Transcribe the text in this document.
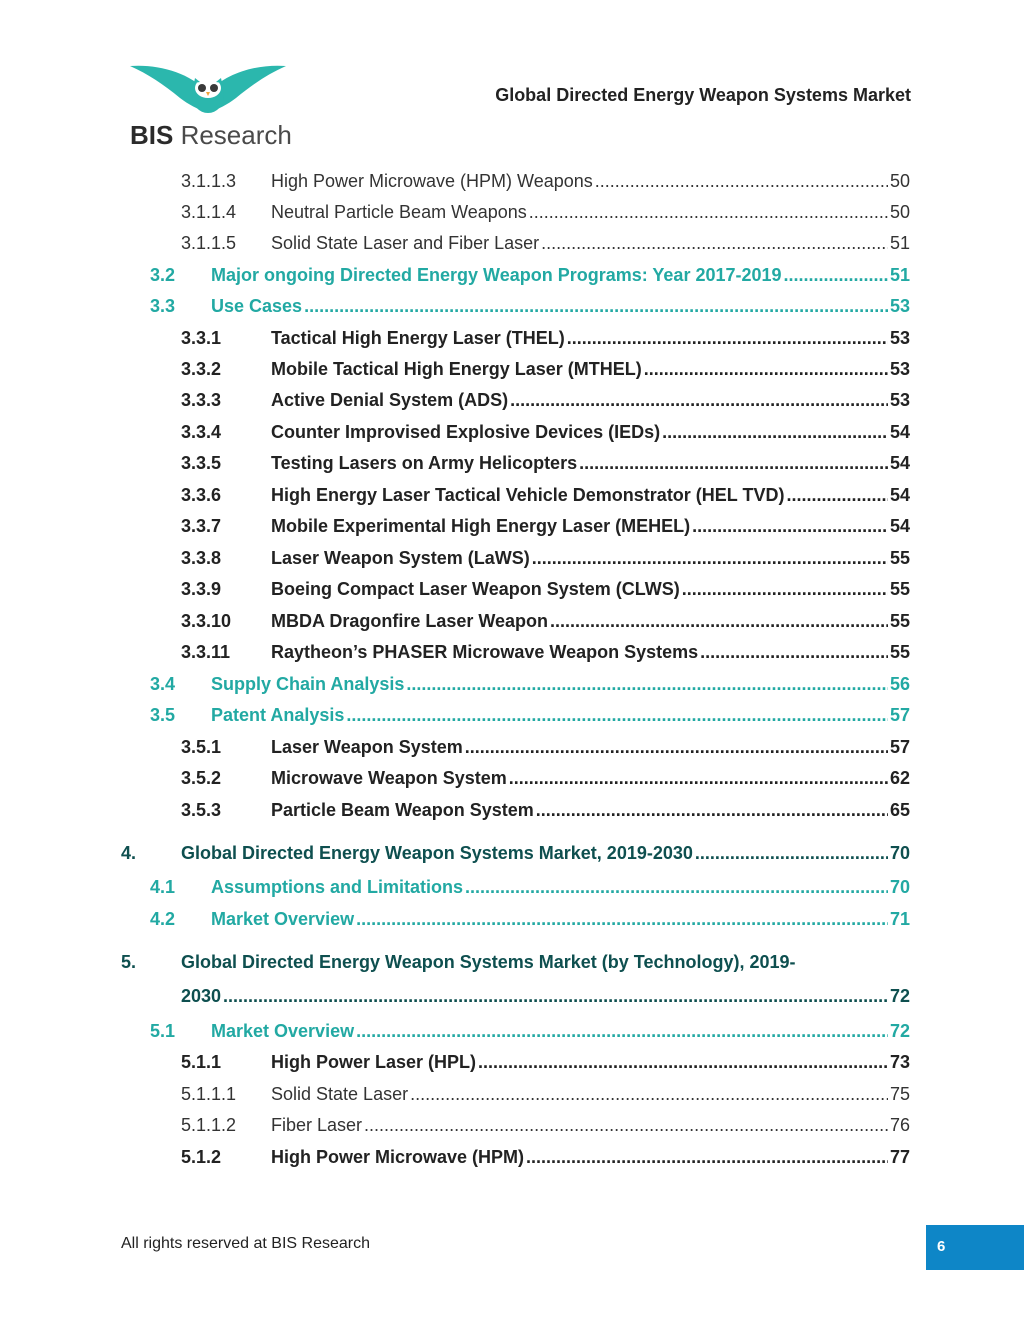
BIS Research
Global Directed Energy Weapon Systems Market
3.1.1.3	High Power Microwave (HPM) Weapons .....	50
3.1.1.4	Neutral Particle Beam Weapons .....	50
3.1.1.5	Solid State Laser and Fiber Laser .....	51
3.2	Major ongoing Directed Energy Weapon Programs: Year 2017-2019 .....	51
3.3	Use Cases .....	53
3.3.1	Tactical High Energy Laser (THEL) .....	53
3.3.2	Mobile Tactical High Energy Laser (MTHEL) .....	53
3.3.3	Active Denial System (ADS) .....	53
3.3.4	Counter Improvised Explosive Devices (IEDs) .....	54
3.3.5	Testing Lasers on Army Helicopters .....	54
3.3.6	High Energy Laser Tactical Vehicle Demonstrator (HEL TVD) .....	54
3.3.7	Mobile Experimental High Energy Laser (MEHEL) .....	54
3.3.8	Laser Weapon System (LaWS) .....	55
3.3.9	Boeing Compact Laser Weapon System (CLWS) .....	55
3.3.10	MBDA Dragonfire Laser Weapon .....	55
3.3.11	Raytheon’s PHASER Microwave Weapon Systems .....	55
3.4	Supply Chain Analysis .....	56
3.5	Patent Analysis .....	57
3.5.1	Laser Weapon System .....	57
3.5.2	Microwave Weapon System .....	62
3.5.3	Particle Beam Weapon System .....	65
4.	Global Directed Energy Weapon Systems Market, 2019-2030 .....	70
4.1	Assumptions and Limitations .....	70
4.2	Market Overview .....	71
5.	Global Directed Energy Weapon Systems Market (by Technology), 2019-
2030 .....	72
5.1	Market Overview .....	72
5.1.1	High Power Laser (HPL) .....	73
5.1.1.1	Solid State Laser .....	75
5.1.1.2	Fiber Laser .....	76
5.1.2	High Power Microwave (HPM) .....	77
All rights reserved at BIS Research	6
